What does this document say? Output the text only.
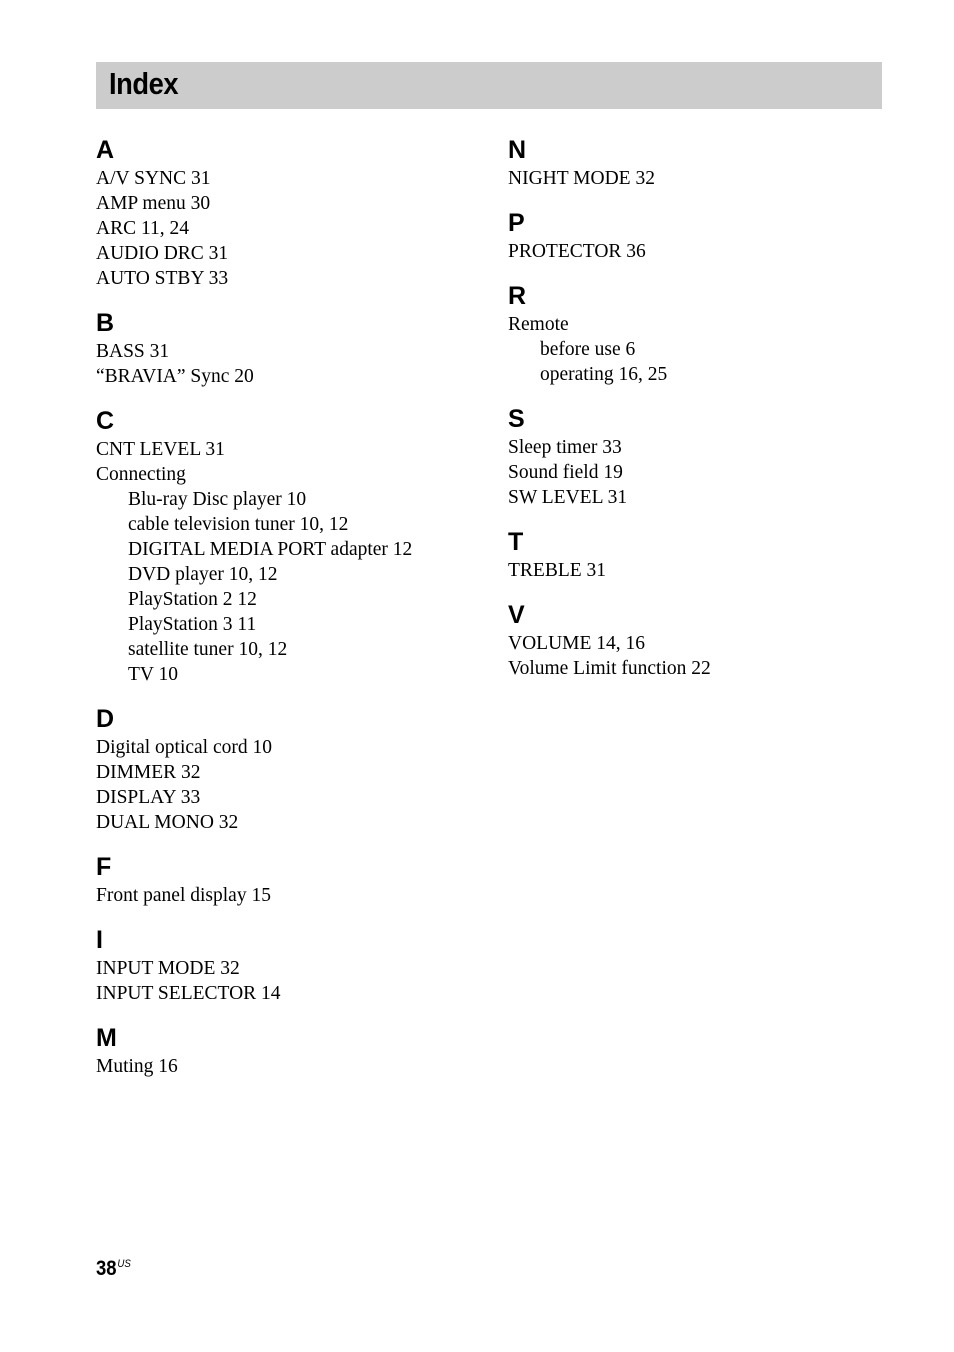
Index
A
A/V SYNC 31
AMP menu 30
ARC 11, 24
AUDIO DRC 31
AUTO STBY 33
B
BASS 31
“BRAVIA” Sync 20
C
CNT LEVEL 31
Connecting
Blu-ray Disc player 10
cable television tuner 10, 12
DIGITAL MEDIA PORT adapter 12
DVD player 10, 12
PlayStation 2 12
PlayStation 3 11
satellite tuner 10, 12
TV 10
D
Digital optical cord 10
DIMMER 32
DISPLAY 33
DUAL MONO 32
F
Front panel display 15
I
INPUT MODE 32
INPUT SELECTOR 14
M
Muting 16
N
NIGHT MODE 32
P
PROTECTOR 36
R
Remote
before use 6
operating 16, 25
S
Sleep timer 33
Sound field 19
SW LEVEL 31
T
TREBLE 31
V
VOLUME 14, 16
Volume Limit function 22
$38^{US}$
